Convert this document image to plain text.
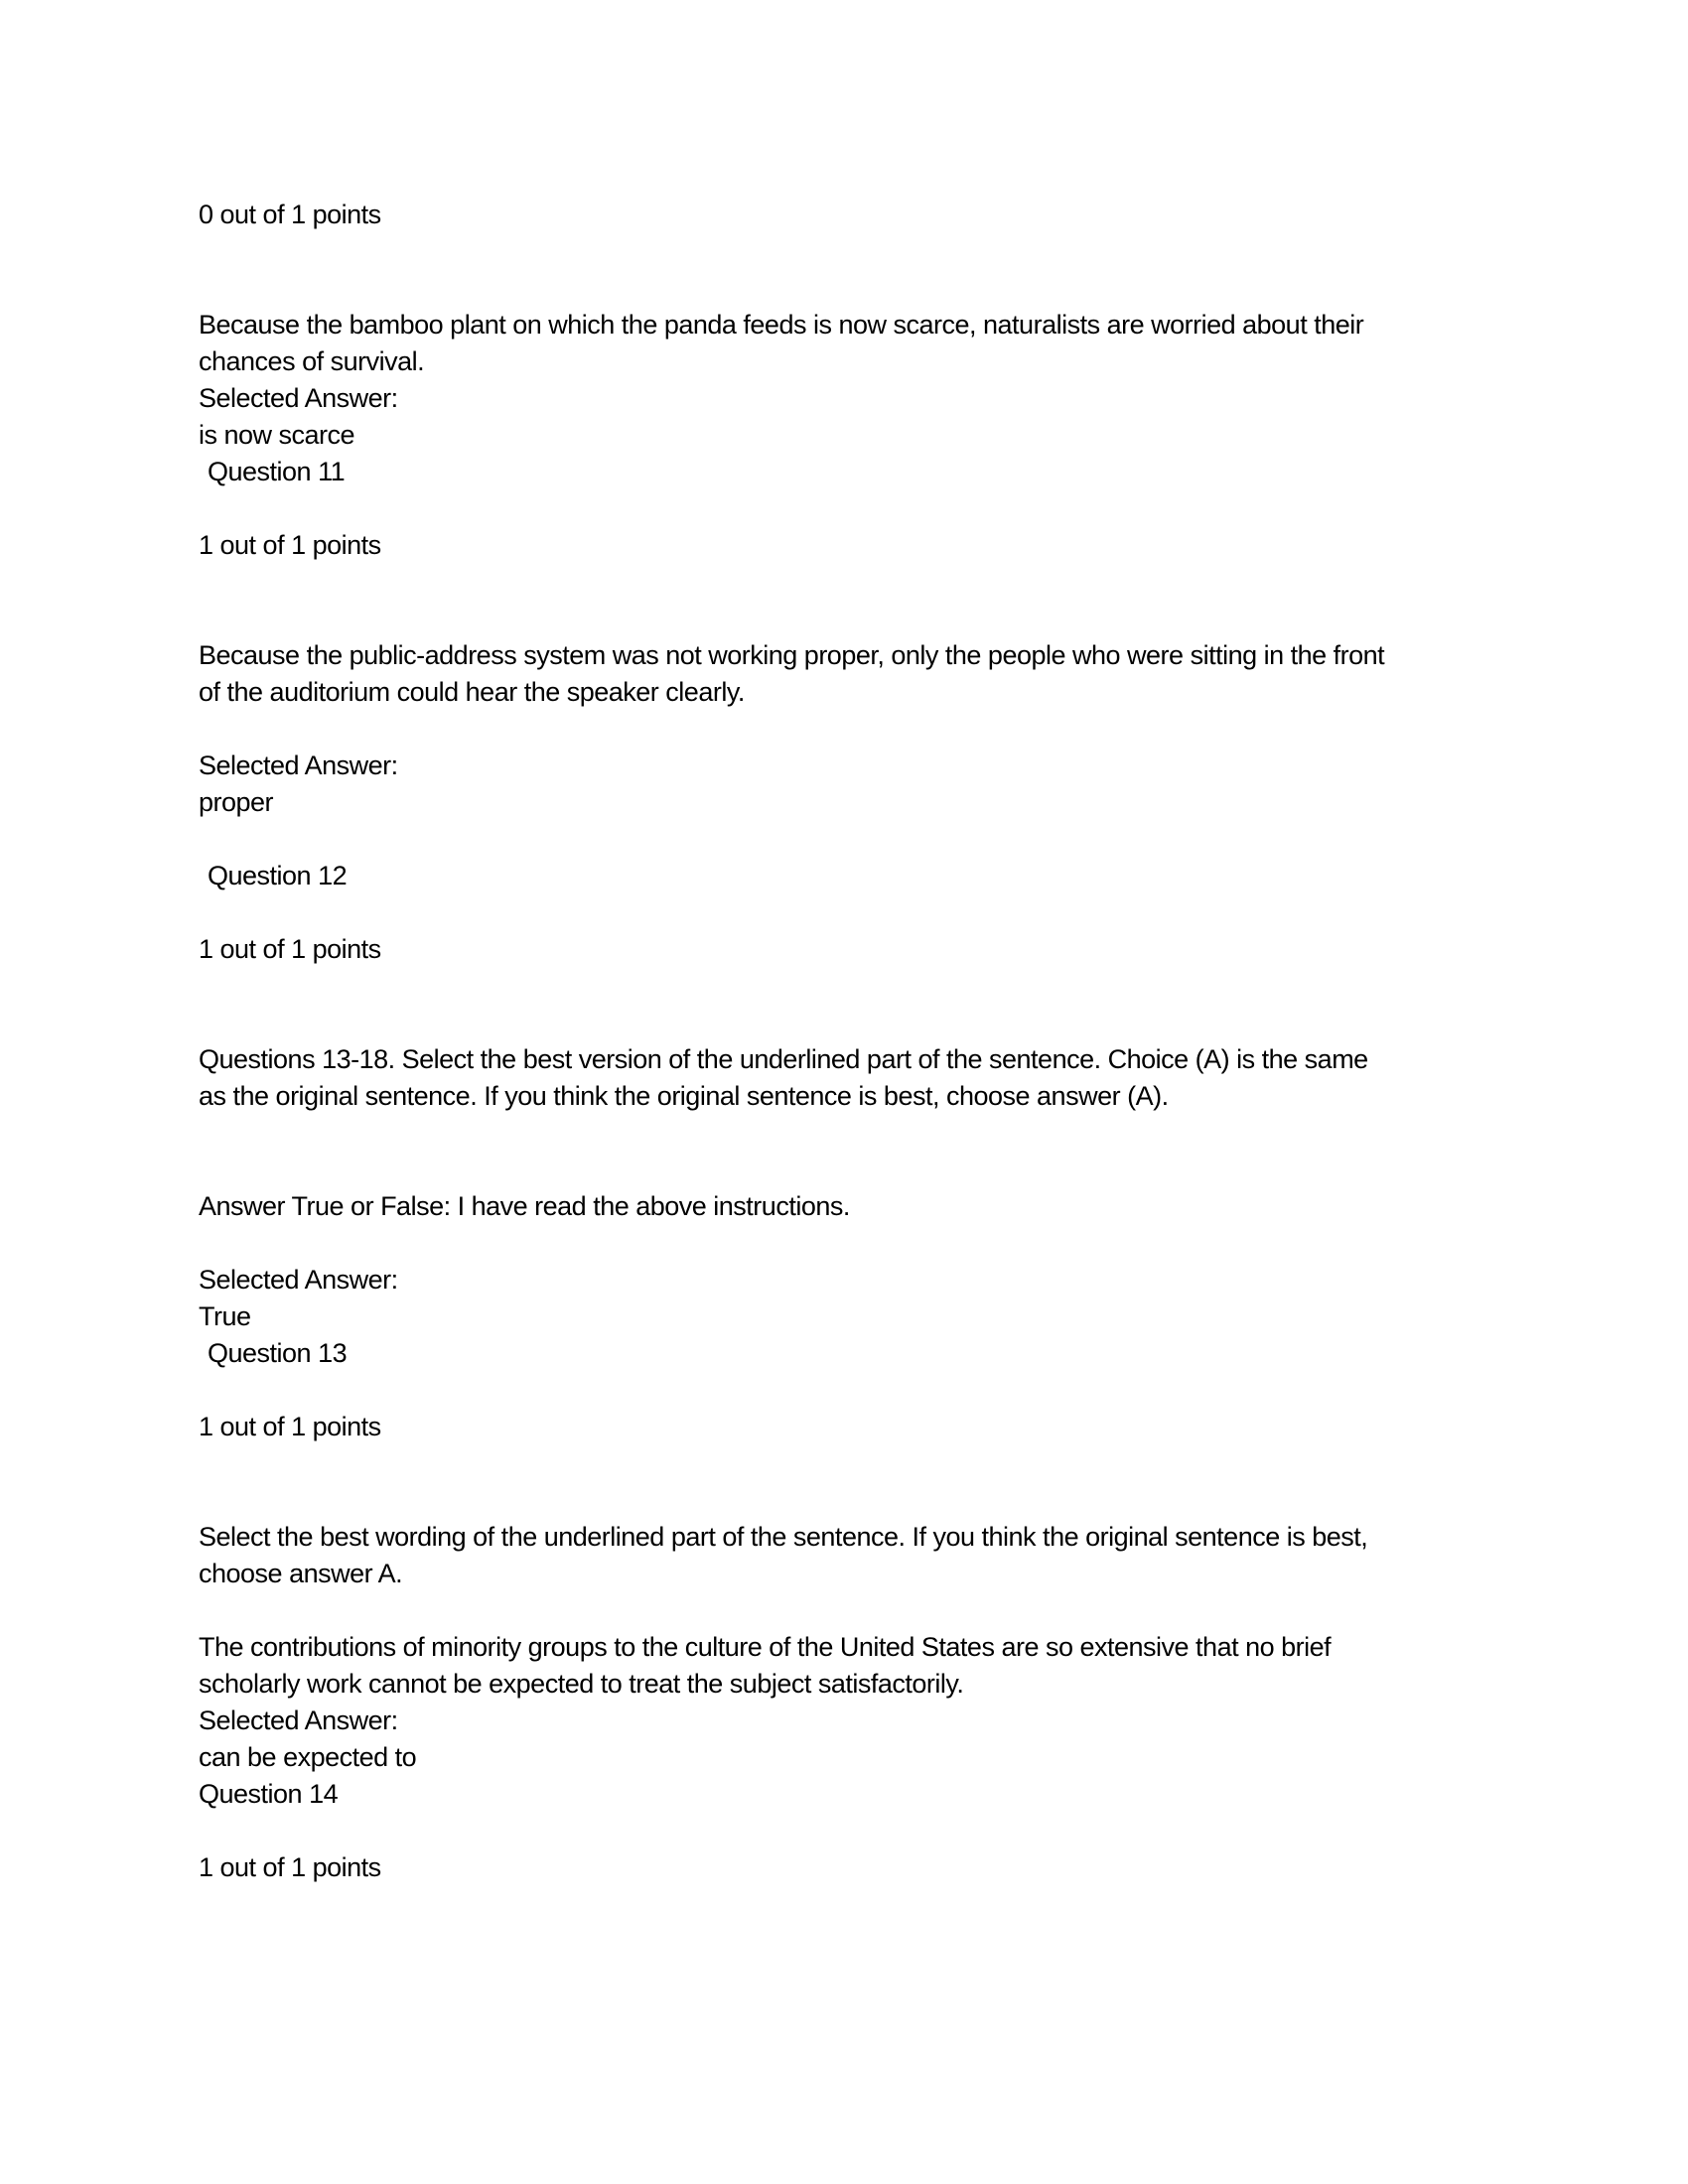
0 out of 1 points
Because the bamboo plant on which the panda feeds is now scarce, naturalists are worried about their
chances of survival.
Selected Answer:
is now scarce
Question 11
1 out of 1 points
Because the public-address system was not working proper, only the people who were sitting in the front
of the auditorium could hear the speaker clearly.
Selected Answer:
proper
Question 12
1 out of 1 points
Questions 13-18. Select the best version of the underlined part of the sentence. Choice (A) is the same
as the original sentence. If you think the original sentence is best, choose answer (A).
Answer True or False: I have read the above instructions.
Selected Answer:
True
Question 13
1 out of 1 points
Select the best wording of the underlined part of the sentence. If you think the original sentence is best,
choose answer A.
The contributions of minority groups to the culture of the United States are so extensive that no brief
scholarly work cannot be expected to treat the subject satisfactorily.
Selected Answer:
can be expected to
Question 14
1 out of 1 points
